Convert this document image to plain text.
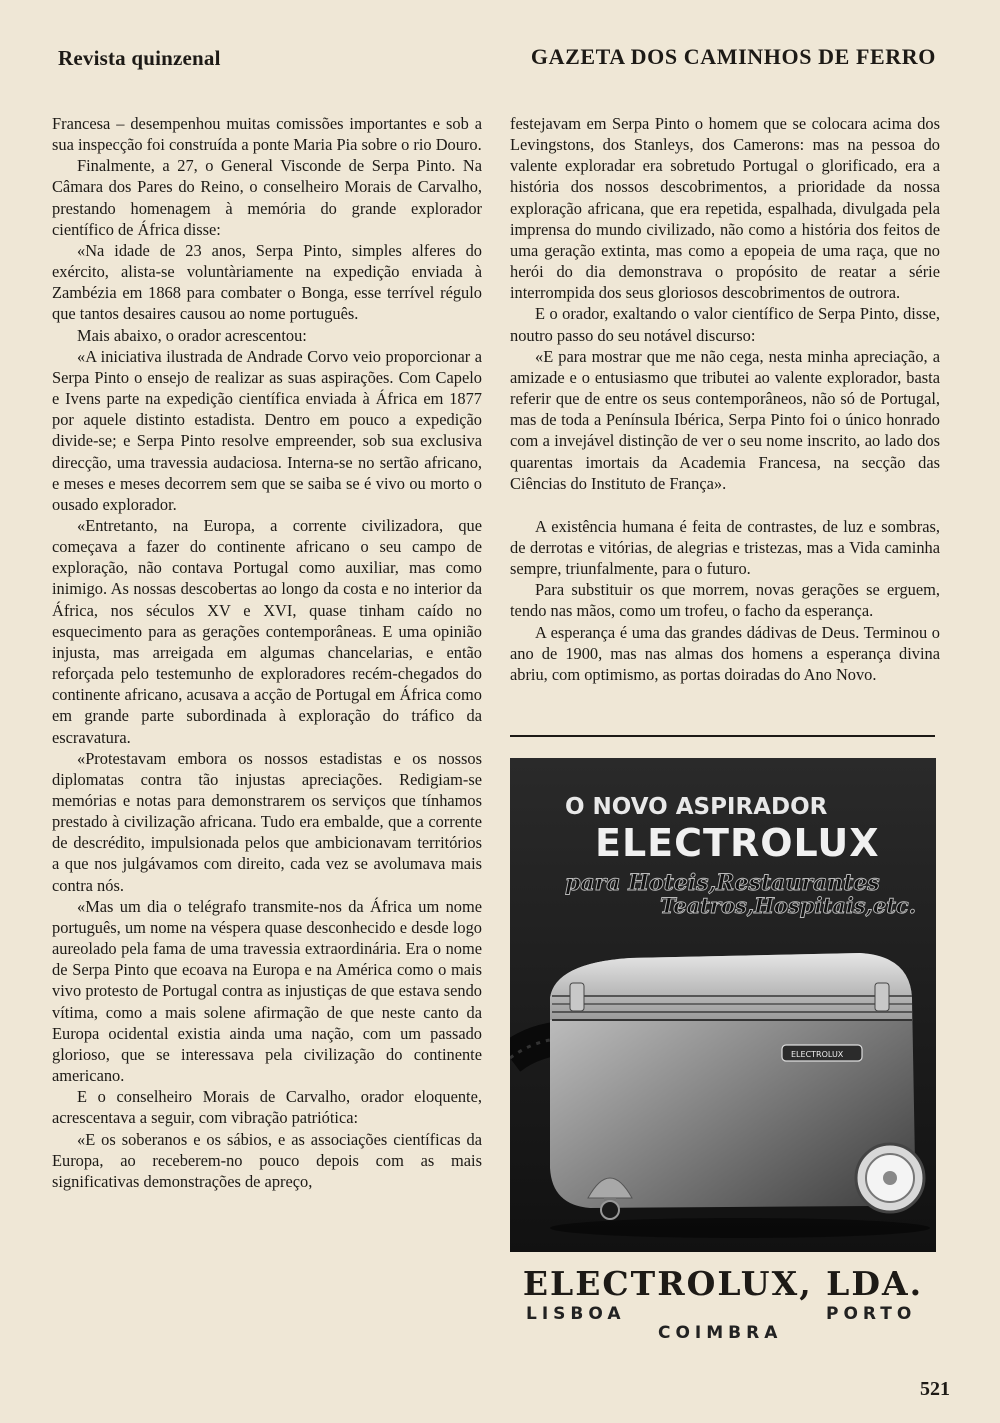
Revista quinzenal	GAZETA DOS CAMINHOS DE FERRO

Francesa – desempenhou muitas comissões importantes e sob a sua inspecção foi construída a ponte Maria Pia sobre o rio Douro.

Finalmente, a 27, o General Visconde de Serpa Pinto. Na Câmara dos Pares do Reino, o conselheiro Morais de Carvalho, prestando homenagem à memória do grande explorador científico de África disse:

«Na idade de 23 anos, Serpa Pinto, simples alferes do exército, alista-se voluntàriamente na expedição enviada à Zambézia em 1868 para combater o Bonga, esse terrível régulo que tantos desaires causou ao nome português.

Mais abaixo, o orador acrescentou:

«A iniciativa ilustrada de Andrade Corvo veio proporcionar a Serpa Pinto o ensejo de realizar as suas aspirações. Com Capelo e Ivens parte na expedição científica enviada à África em 1877 por aquele distinto estadista. Dentro em pouco a expedição divide-se; e Serpa Pinto resolve empreender, sob sua exclusiva direcção, uma travessia audaciosa. Interna-se no sertão africano, e meses e meses decorrem sem que se saiba se é vivo ou morto o ousado explorador.

«Entretanto, na Europa, a corrente civilizadora, que começava a fazer do continente africano o seu campo de exploração, não contava Portugal como auxiliar, mas como inimigo. As nossas descobertas ao longo da costa e no interior da África, nos séculos XV e XVI, quase tinham caído no esquecimento para as gerações contemporâneas. E uma opinião injusta, mas arreigada em algumas chancelarias, e então reforçada pelo testemunho de exploradores recém-chegados do continente africano, acusava a acção de Portugal em África como em grande parte subordinada à exploração do tráfico da escravatura.

«Protestavam embora os nossos estadistas e os nossos diplomatas contra tão injustas apreciações. Redigiam-se memórias e notas para demonstrarem os serviços que tínhamos prestado à civilização africana. Tudo era embalde, que a corrente de descrédito, impulsionada pelos que ambicionavam territórios a que nos julgávamos com direito, cada vez se avolumava mais contra nós.

«Mas um dia o telégrafo transmite-nos da África um nome português, um nome na véspera quase desconhecido e desde logo aureolado pela fama de uma travessia extraordinária. Era o nome de Serpa Pinto que ecoava na Europa e na América como o mais vivo protesto de Portugal contra as injustiças de que estava sendo vítima, como a mais solene afirmação de que neste canto da Europa ocidental existia ainda uma nação, com um passado glorioso, que se interessava pela civilização do continente americano.

E o conselheiro Morais de Carvalho, orador eloquente, acrescentava a seguir, com vibração patriótica:

«E os soberanos e os sábios, e as associações científicas da Europa, ao receberem-no pouco depois com as mais significativas demonstrações de apreço,

festejavam em Serpa Pinto o homem que se colocara acima dos Levingstons, dos Stanleys, dos Camerons: mas na pessoa do valente exploradar era sobretudo Portugal o glorificado, era a história dos nossos descobrimentos, a prioridade da nossa exploração africana, que era repetida, espalhada, divulgada pela imprensa do mundo civilizado, não como a história dos feitos de uma geração extinta, mas como a epopeia de uma raça, que no herói do dia demonstrava o propósito de reatar a série interrompida dos seus gloriosos descobrimentos de outrora.

E o orador, exaltando o valor científico de Serpa Pinto, disse, noutro passo do seu notável discurso:

«E para mostrar que me não cega, nesta minha apreciação, a amizade e o entusiasmo que tributei ao valente explorador, basta referir que de entre os seus contemporâneos, não só de Portugal, mas de toda a Península Ibérica, Serpa Pinto foi o único honrado com a invejável distinção de ver o seu nome inscrito, ao lado dos quarentas imortais da Academia Francesa, na secção das Ciências do Instituto de França».

A existência humana é feita de contrastes, de luz e sombras, de derrotas e vitórias, de alegrias e tristezas, mas a Vida caminha sempre, triunfalmente, para o futuro.

Para substituir os que morrem, novas gerações se erguem, tendo nas mãos, como um trofeu, o facho da esperança.

A esperança é uma das grandes dádivas de Deus. Terminou o ano de 1900, mas nas almas dos homens a esperança divina abriu, com optimismo, as portas doiradas do Ano Novo.

O NOVO ASPIRADOR
ELECTROLUX
para Hoteis,Restaurantes
Teatros,Hospitais,etc.
ELECTROLUX
ELECTROLUX, LDA.
LISBOA	PORTO
COIMBRA
521
